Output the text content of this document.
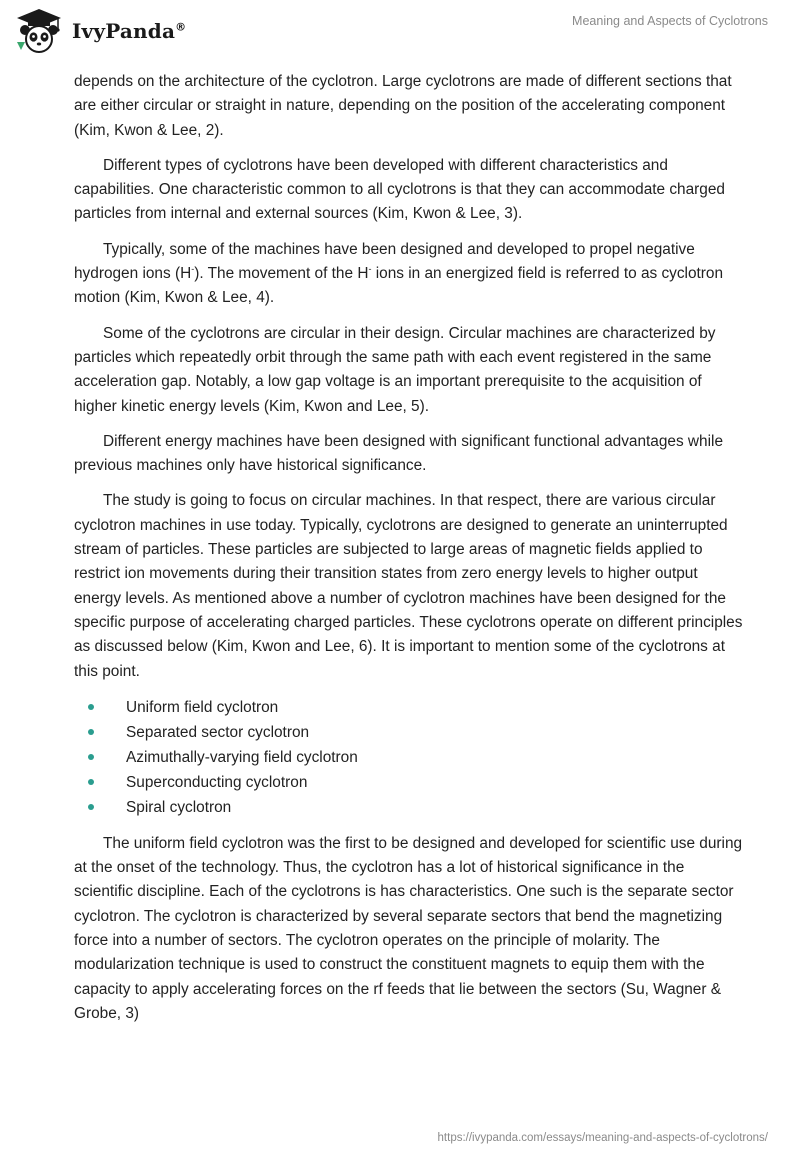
IvyPanda®	Meaning and Aspects of Cyclotrons

depends on the architecture of the cyclotron. Large cyclotrons are made of different sections that are either circular or straight in nature, depending on the position of the accelerating component (Kim, Kwon & Lee, 2).

Different types of cyclotrons have been developed with different characteristics and capabilities. One characteristic common to all cyclotrons is that they can accommodate charged particles from internal and external sources (Kim, Kwon & Lee, 3).

Typically, some of the machines have been designed and developed to propel negative hydrogen ions (H-). The movement of the H- ions in an energized field is referred to as cyclotron motion (Kim, Kwon & Lee, 4).

Some of the cyclotrons are circular in their design. Circular machines are characterized by particles which repeatedly orbit through the same path with each event registered in the same acceleration gap. Notably, a low gap voltage is an important prerequisite to the acquisition of higher kinetic energy levels (Kim, Kwon and Lee, 5).

Different energy machines have been designed with significant functional advantages while previous machines only have historical significance.

The study is going to focus on circular machines. In that respect, there are various circular cyclotron machines in use today. Typically, cyclotrons are designed to generate an uninterrupted stream of particles. These particles are subjected to large areas of magnetic fields applied to restrict ion movements during their transition states from zero energy levels to higher output energy levels. As mentioned above a number of cyclotron machines have been designed for the specific purpose of accelerating charged particles. These cyclotrons operate on different principles as discussed below (Kim, Kwon and Lee, 6). It is important to mention some of the cyclotrons at this point.

Uniform field cyclotron
Separated sector cyclotron
Azimuthally-varying field cyclotron
Superconducting cyclotron
Spiral cyclotron

The uniform field cyclotron was the first to be designed and developed for scientific use during at the onset of the technology. Thus, the cyclotron has a lot of historical significance in the scientific discipline. Each of the cyclotrons is has characteristics. One such is the separate sector cyclotron. The cyclotron is characterized by several separate sectors that bend the magnetizing force into a number of sectors. The cyclotron operates on the principle of molarity. The modularization technique is used to construct the constituent magnets to equip them with the capacity to apply accelerating forces on the rf feeds that lie between the sectors (Su, Wagner & Grobe, 3)

https://ivypanda.com/essays/meaning-and-aspects-of-cyclotrons/
